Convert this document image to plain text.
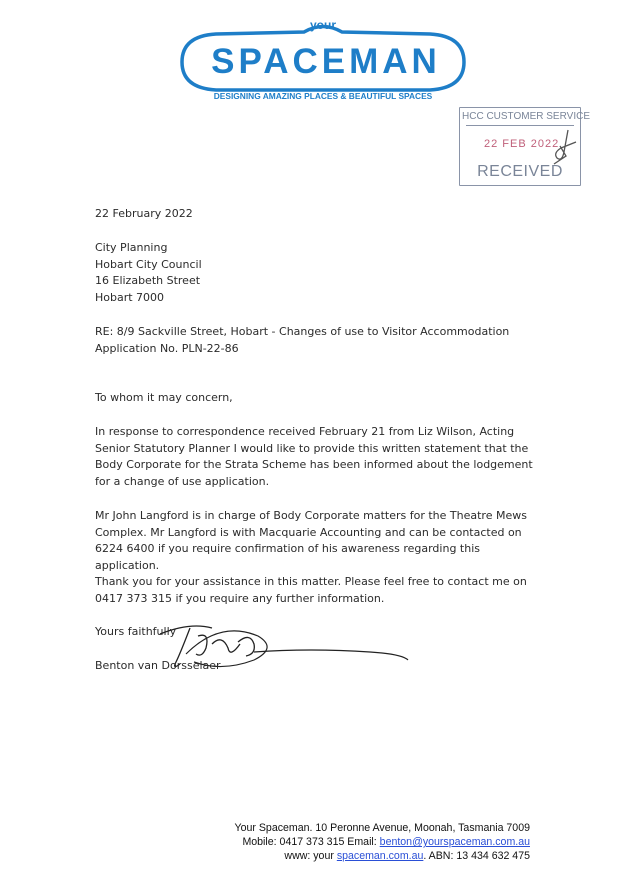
your
SPACEMAN
DESIGNING AMAZING PLACES & BEAUTIFUL SPACES
HCC CUSTOMER SERVICE
22 FEB 2022
RECEIVED
22 February 2022
City Planning
Hobart City Council
16 Elizabeth Street
Hobart 7000
RE: 8/9 Sackville Street, Hobart - Changes of use to Visitor Accommodation
Application No. PLN-22-86
To whom it may concern,
In response to correspondence received February 21 from Liz Wilson, Acting Senior Statutory Planner I would like to provide this written statement that the Body Corporate for the Strata Scheme has been informed about the lodgement for a change of use application.
Mr John Langford is in charge of Body Corporate matters for the Theatre Mews Complex. Mr Langford is with Macquarie Accounting and can be contacted on 6224 6400 if you require confirmation of his awareness regarding this application.
Thank you for your assistance in this matter. Please feel free to contact me on 0417 373 315 if you require any further information.
Yours faithfully
Benton van Dorsselaer
Your Spaceman. 10 Peronne Avenue, Moonah, Tasmania 7009
Mobile: 0417 373 315 Email: benton@yourspaceman.com.au
www: your spaceman.com.au. ABN: 13 434 632 475
